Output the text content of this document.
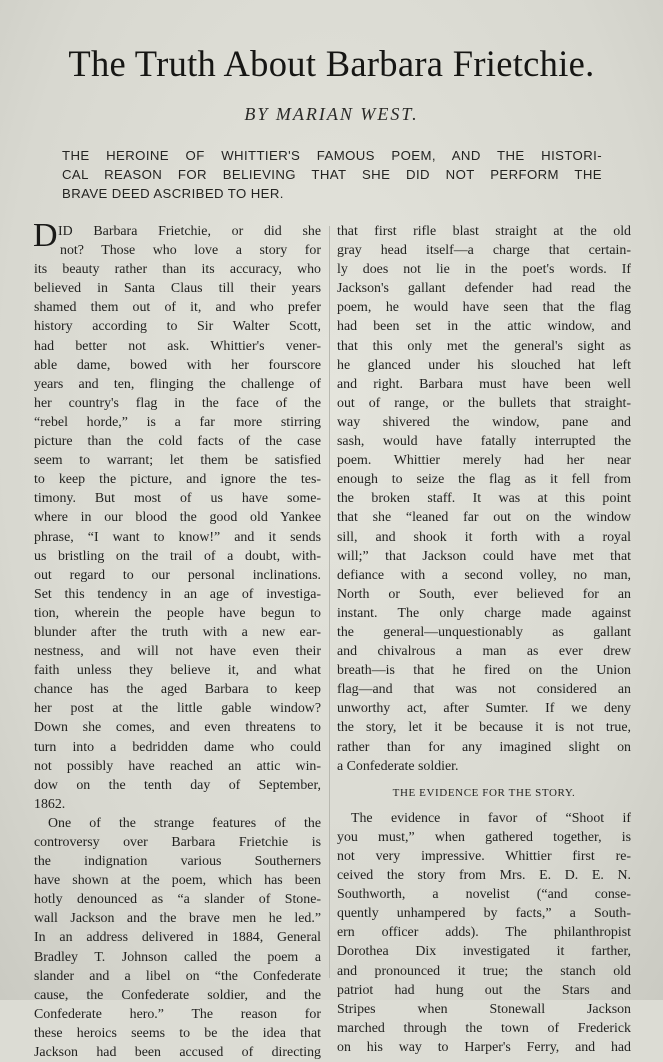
The Truth About Barbara Frietchie.
BY MARIAN WEST.
THE HEROINE OF WHITTIER'S FAMOUS POEM, AND THE HISTORI-
CAL REASON FOR BELIEVING THAT SHE DID NOT PERFORM THE
BRAVE DEED ASCRIBED TO HER.
D ID Barbara Frietchie, or did she
not? Those who love a story for
its beauty rather than its accuracy, who
believed in Santa Claus till their years
shamed them out of it, and who prefer
history according to Sir Walter Scott,
had better not ask. Whittier's vener-
able dame, bowed with her fourscore
years and ten, flinging the challenge of
her country's flag in the face of the
“rebel horde,” is a far more stirring
picture than the cold facts of the case
seem to warrant; let them be satisfied
to keep the picture, and ignore the tes-
timony. But most of us have some-
where in our blood the good old Yankee
phrase, “I want to know!” and it sends
us bristling on the trail of a doubt, with-
out regard to our personal inclinations.
Set this tendency in an age of investiga-
tion, wherein the people have begun to
blunder after the truth with a new ear-
nestness, and will not have even their
faith unless they believe it, and what
chance has the aged Barbara to keep
her post at the little gable window?
Down she comes, and even threatens to
turn into a bedridden dame who could
not possibly have reached an attic win-
dow on the tenth day of September,
1862.
One of the strange features of the
controversy over Barbara Frietchie is
the indignation various Southerners
have shown at the poem, which has been
hotly denounced as “a slander of Stone-
wall Jackson and the brave men he led.”
In an address delivered in 1884, General
Bradley T. Johnson called the poem a
slander and a libel on “the Confederate
cause, the Confederate soldier, and the
Confederate hero.” The reason for
these heroics seems to be the idea that
Jackson had been accused of directing
that first rifle blast straight at the old
gray head itself—a charge that certain-
ly does not lie in the poet's words. If
Jackson's gallant defender had read the
poem, he would have seen that the flag
had been set in the attic window, and
that this only met the general's sight as
he glanced under his slouched hat left
and right. Barbara must have been well
out of range, or the bullets that straight-
way shivered the window, pane and
sash, would have fatally interrupted the
poem. Whittier merely had her near
enough to seize the flag as it fell from
the broken staff. It was at this point
that she “leaned far out on the window
sill, and shook it forth with a royal
will;” that Jackson could have met that
defiance with a second volley, no man,
North or South, ever believed for an
instant. The only charge made against
the general—unquestionably as gallant
and chivalrous a man as ever drew
breath—is that he fired on the Union
flag—and that was not considered an
unworthy act, after Sumter. If we deny
the story, let it be because it is not true,
rather than for any imagined slight on
a Confederate soldier.
THE EVIDENCE FOR THE STORY.
The evidence in favor of “Shoot if
you must,” when gathered together, is
not very impressive. Whittier first re-
ceived the story from Mrs. E. D. E. N.
Southworth, a novelist (“and conse-
quently unhampered by facts,” a South-
ern officer adds). The philanthropist
Dorothea Dix investigated it farther,
and pronounced it true; the stanch old
patriot had hung out the Stars and
Stripes when Stonewall Jackson
marched through the town of Frederick
on his way to Harper's Ferry, and had
